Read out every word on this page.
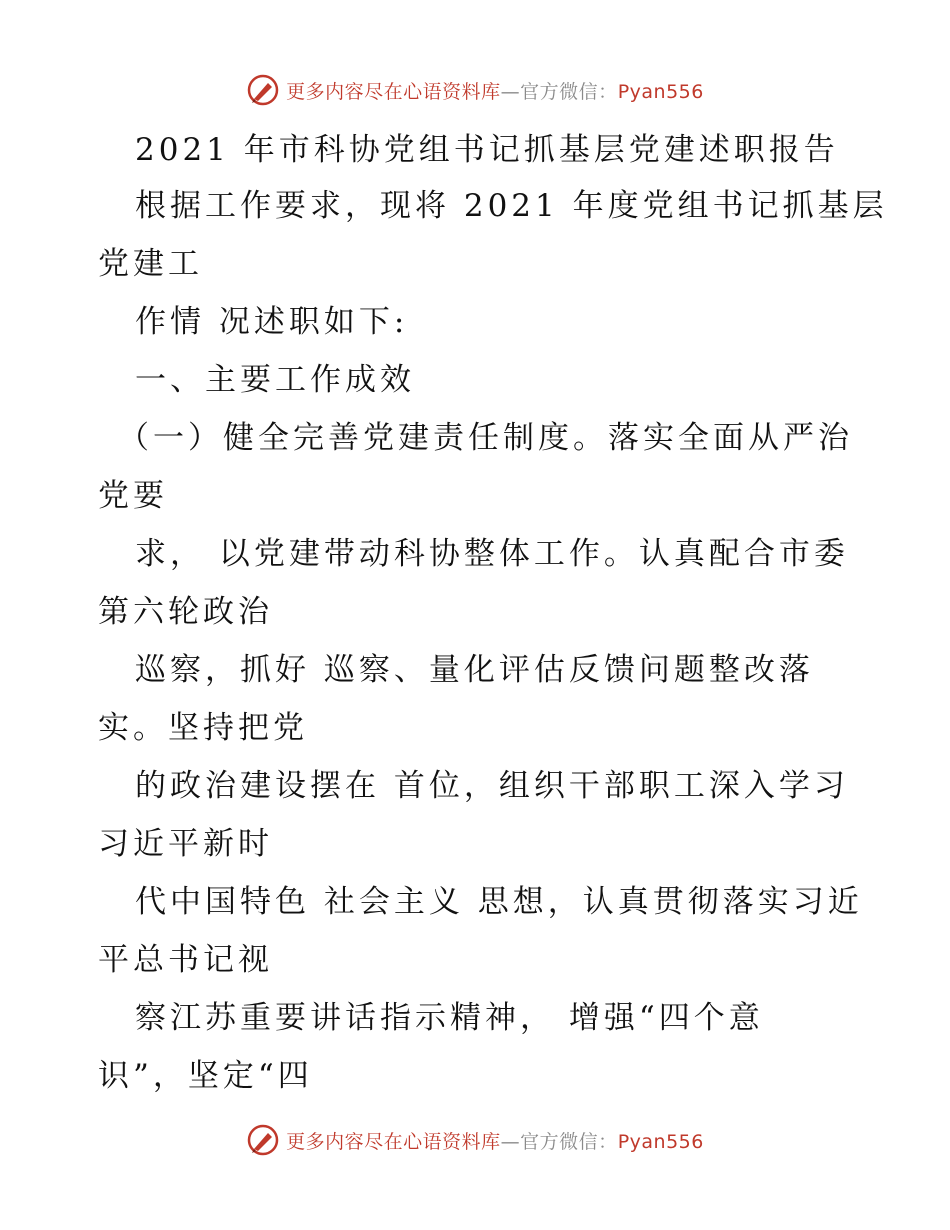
更多内容尽在心语资料库—官方微信：Pyan556
2021 年市科协党组书记抓基层党建述职报告
根据工作要求，现将 2021 年度党组书记抓基层
党建工
作情 况述职如下:
一、主要工作成效
（一）健全完善党建责任制度。落实全面从严治
党要
求， 以党建带动科协整体工作。认真配合市委
第六轮政治
巡察，抓好 巡察、量化评估反馈问题整改落
实。坚持把党
的政治建设摆在 首位，组织干部职工深入学习
习近平新时
代中国特色 社会主义 思想，认真贯彻落实习近
平总书记视
察江苏重要讲话指示精神， 增强“四个意
识”，坚定“四
更多内容尽在心语资料库—官方微信：Pyan556
